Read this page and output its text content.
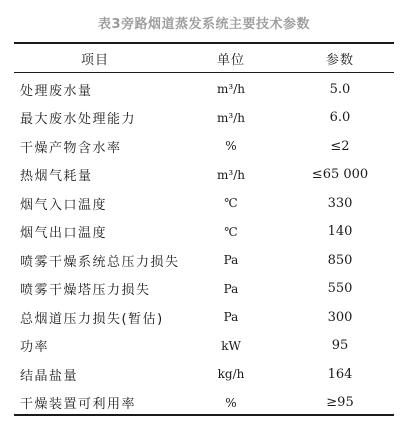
表3旁路烟道蒸发系统主要技术参数
项目	单位	参数
处理废水量	m³/h	5.0
最大废水处理能力	m³/h	6.0
干燥产物含水率	%	≤2
热烟气耗量	m³/h	≤65 000
烟气入口温度	℃	330
烟气出口温度	℃	140
喷雾干燥系统总压力损失	Pa	850
喷雾干燥塔压力损失	Pa	550
总烟道压力损失(暂估)	Pa	300
功率	kW	95
结晶盐量	kg/h	164
干燥装置可利用率	%	≥95
